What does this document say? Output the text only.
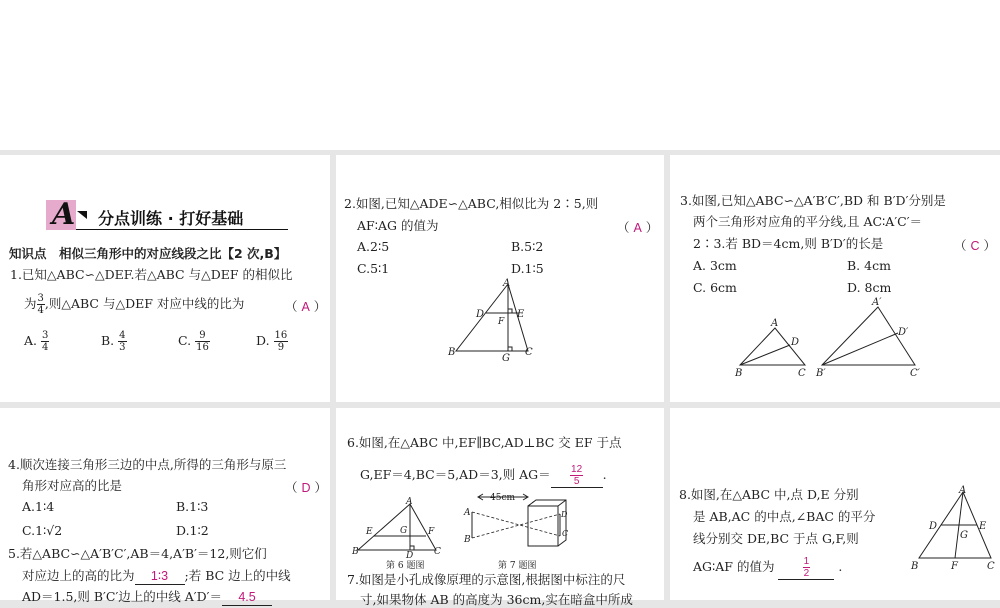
A 分点训练 · 打好基础
知识点　相似三角形中的对应线段之比【2 次,B】
1.已知△ABC∽△DEF.若△ABC 与△DEF 的相似比
为 $\frac{3}{4}$ ,则△ABC 与△DEF 对应中线的比为	（ A ）
A. $\frac{3}{4}$	B. $\frac{4}{3}$	C. $\frac{9}{16}$	D. $\frac{16}{9}$
2.如图,已知△ADE∽△ABC,相似比为 2∶5,则
AF∶AG 的值为	（ A ）
A.2∶5	B.5∶2
C.5∶1	D.1∶5
A
D	E
F
B
G
C
3.如图,已知△ABC∽△A′B′C′,BD 和 B′D′分别是
两个三角形对应角的平分线,且 AC∶A′C′＝
2∶3.若 BD＝4cm,则 B′D′的长是	（ C ）
A. 3cm	B. 4cm
C. 6cm	D. 8cm
A
D
B	C
A′
D′
B′	C′
4.顺次连接三角形三边的中点,所得的三角形与原三
角形对应高的比是	（ D ）
A.1∶4	B.1∶3
C.1∶√2	D.1∶2
5.若△ABC∽△A′B′C′,AB＝4,A′B′＝12,则它们
对应边上的高的比为 1∶3 ;若 BC 边上的中线
AD＝1.5,则 B′C′边上的中线 A′D′＝ 4.5
6.如图,在△ABC 中,EF∥BC,AD⊥BC 交 EF 于点
G,EF＝4,BC＝5,AD＝3,则 $AG= \frac{12}{5}$ .
A
E	G F
B	D C
第 6 题图
A
B
D
C
45cm
第 7 题图
7.如图是小孔成像原理的示意图,根据图中标注的尺
寸,如果物体 AB 的高度为 36cm,实在暗盒中所成
8.如图,在△ABC 中,点 D,E 分别
是 AB,AC 的中点,∠BAC 的平分
线分别交 DE,BC 于点 G,F,则
AG∶AF 的值为	$\frac{1}{2}$ .
A
D	E
G
B	F	C
